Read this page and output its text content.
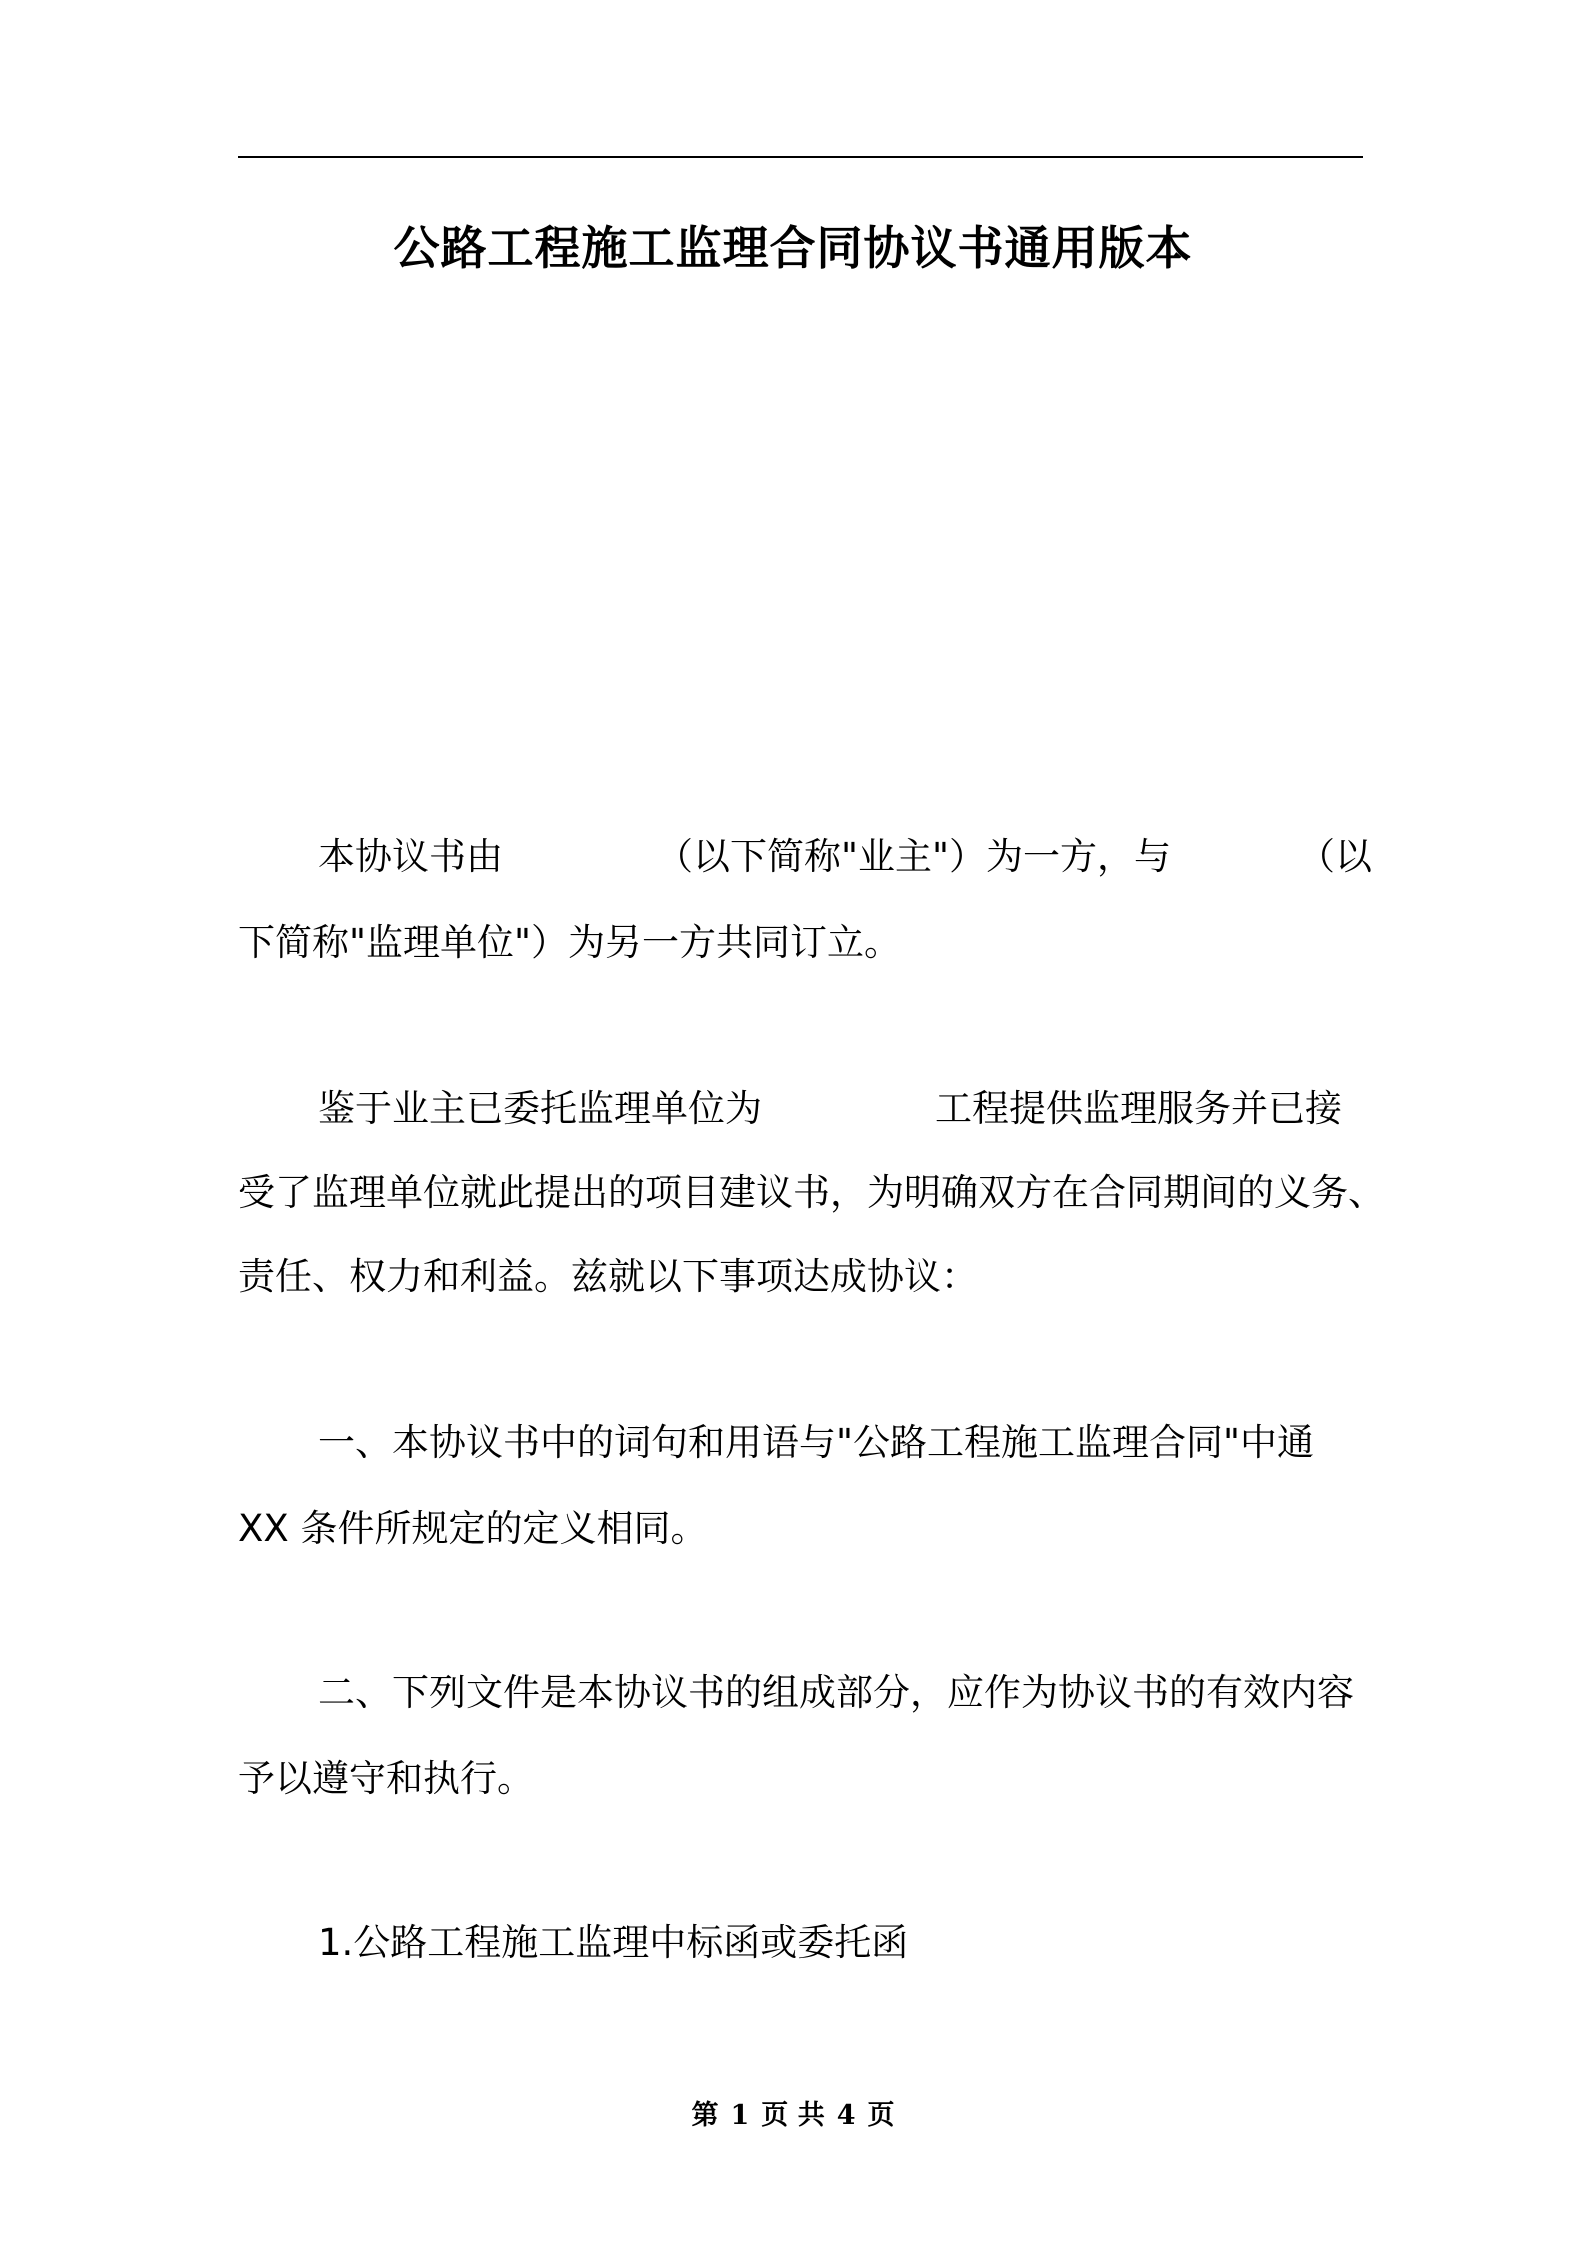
公路工程施工监理合同协议书通用版本
本协议书由	（以下简称"业主"）为一方，与	（以
下简称"监理单位"）为另一方共同订立。
鉴于业主已委托监理单位为	工程提供监理服务并已接
受了监理单位就此提出的项目建议书，为明确双方在合同期间的义务、
责任、权力和利益。兹就以下事项达成协议：
一、本协议书中的词句和用语与"公路工程施工监理合同"中通
XX 条件所规定的定义相同。
二、下列文件是本协议书的组成部分，应作为协议书的有效内容
予以遵守和执行。
1.公路工程施工监理中标函或委托函
第 1 页 共 4 页
